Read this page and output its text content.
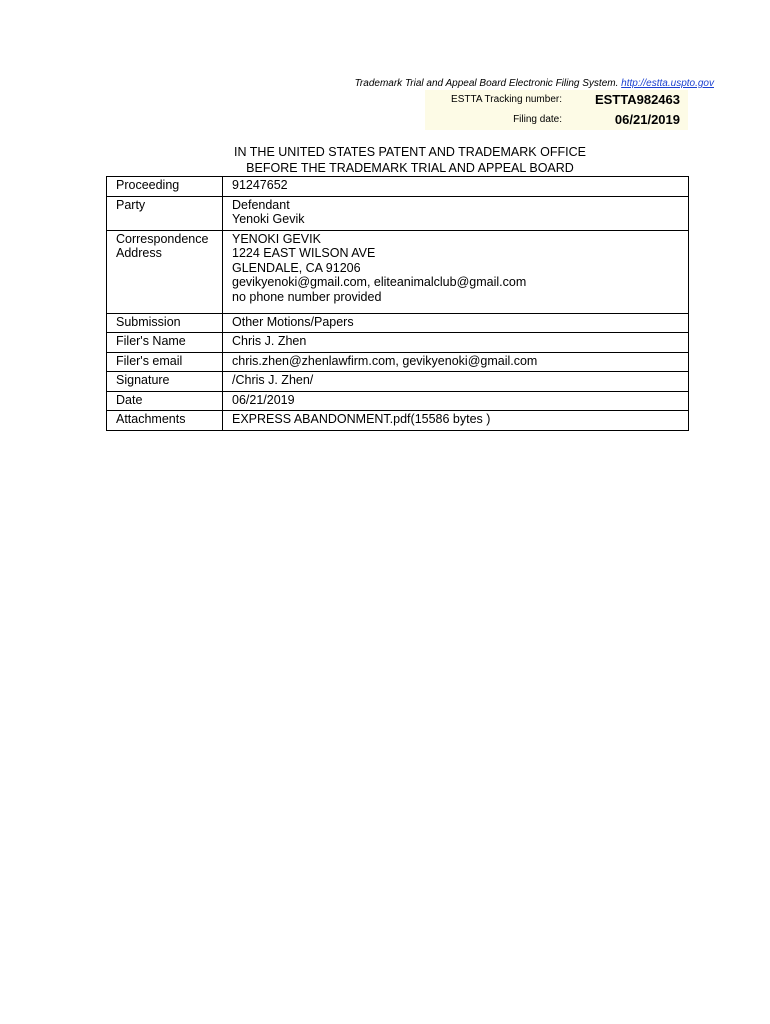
Trademark Trial and Appeal Board Electronic Filing System. http://estta.uspto.gov
ESTTA Tracking number:	ESTTA982463
Filing date:	06/21/2019
IN THE UNITED STATES PATENT AND TRADEMARK OFFICE
BEFORE THE TRADEMARK TRIAL AND APPEAL BOARD
Proceeding	91247652
Party	Defendant
Yenoki Gevik

Correspondence
Address	YENOKI GEVIK
1224 EAST WILSON AVE
GLENDALE, CA 91206
gevikyenoki@gmail.com, eliteanimalclub@gmail.com
no phone number provided

Submission	Other Motions/Papers
Filer's Name	Chris J. Zhen
Filer's email	chris.zhen@zhenlawfirm.com, gevikyenoki@gmail.com
Signature	/Chris J. Zhen/
Date	06/21/2019
Attachments	EXPRESS ABANDONMENT.pdf(15586 bytes )
